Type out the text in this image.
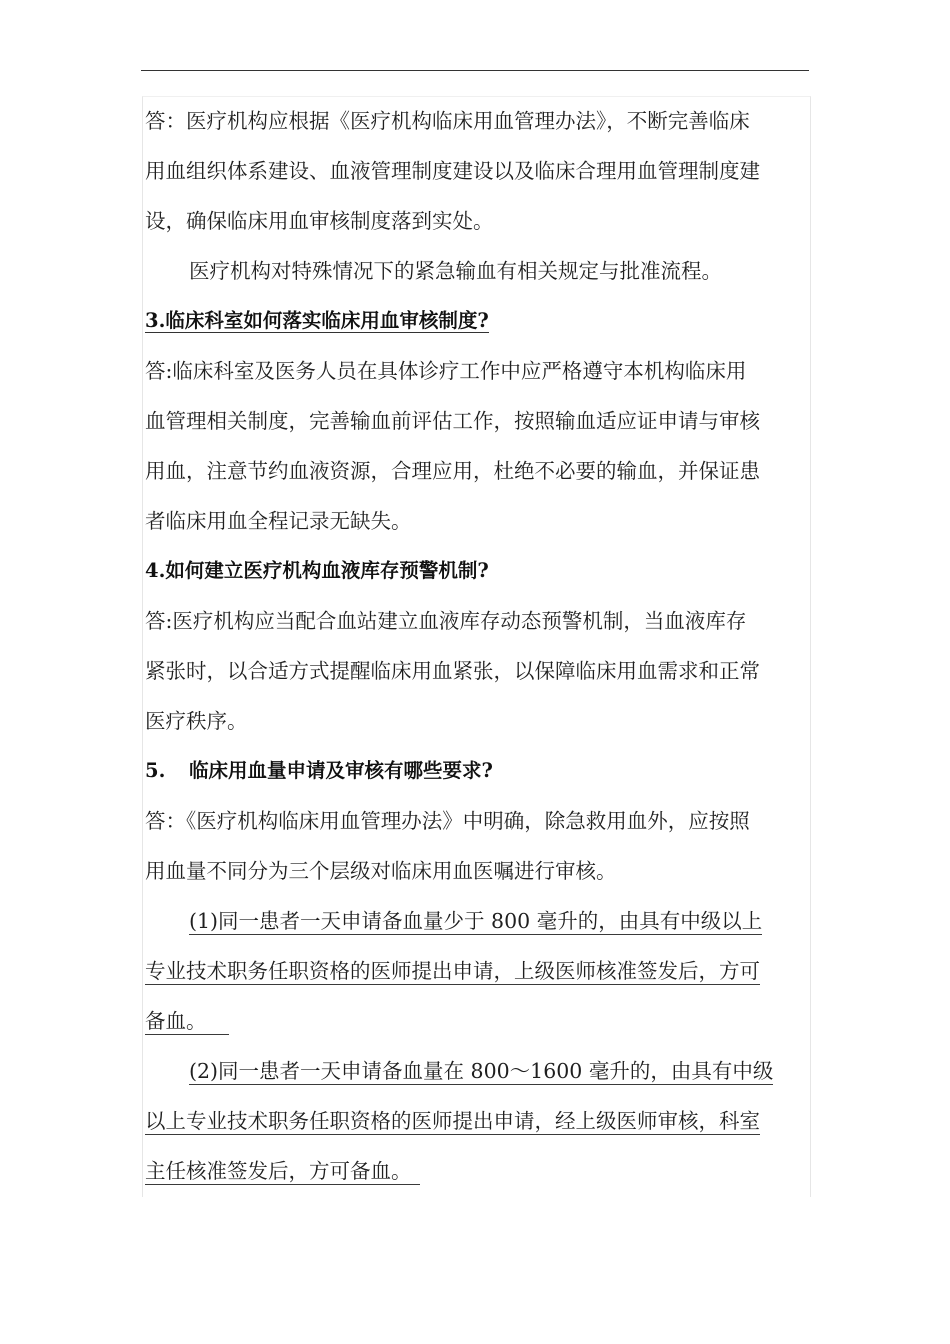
答：医疗机构应根据《医疗机构临床用血管理办法》，不断完善临床
用血组织体系建设、血液管理制度建设以及临床合理用血管理制度建
设，确保临床用血审核制度落到实处。
医疗机构对特殊情况下的紧急输血有相关规定与批准流程。
3.临床科室如何落实临床用血审核制度?
答:临床科室及医务人员在具体诊疗工作中应严格遵守本机构临床用
血管理相关制度，完善输血前评估工作，按照输血适应证申请与审核
用血，注意节约血液资源，合理应用，杜绝不必要的输血，并保证患
者临床用血全程记录无缺失。
4.如何建立医疗机构血液库存预警机制?
答:医疗机构应当配合血站建立血液库存动态预警机制，当血液库存
紧张时，以合适方式提醒临床用血紧张，以保障临床用血需求和正常
医疗秩序。
5. 临床用血量申请及审核有哪些要求?
答：《医疗机构临床用血管理办法》中明确，除急救用血外，应按照
用血量不同分为三个层级对临床用血医嘱进行审核。
(1)同一患者一天申请备血量少于 800 毫升的，由具有中级以上
专业技术职务任职资格的医师提出申请，上级医师核准签发后，方可
备血。
(2)同一患者一天申请备血量在 800～1600 毫升的，由具有中级
以上专业技术职务任职资格的医师提出申请，经上级医师审核，科室
主任核准签发后，方可备血。
